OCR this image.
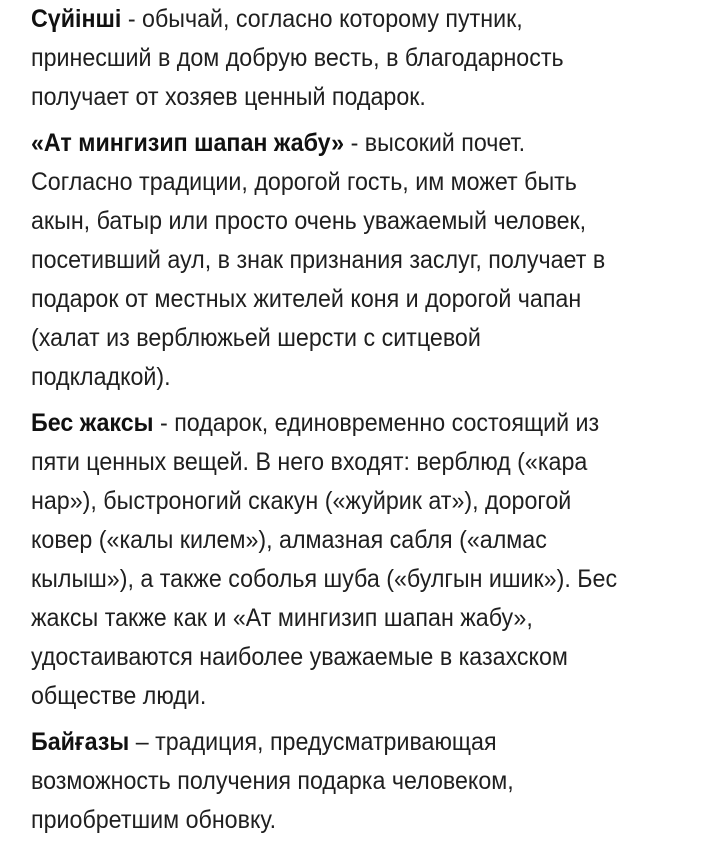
Сүйінші - обычай, согласно которому путник,
принесший в дом добрую весть, в благодарность
получает от хозяев ценный подарок.

«Ат мингизип шапан жабу» - высокий почет.
Согласно традиции, дорогой гость, им может быть
акын, батыр или просто очень уважаемый человек,
посетивший аул, в знак признания заслуг, получает в
подарок от местных жителей коня и дорогой чапан
(халат из верблюжьей шерсти с ситцевой
подкладкой).

Бес жаксы - подарок, единовременно состоящий из
пяти ценных вещей. В него входят: верблюд («кара
нар»), быстроногий скакун («жуйрик ат»), дорогой
ковер («калы килем»), алмазная сабля («алмас
кылыш»), а также соболья шуба («булгын ишик»). Бес
жаксы также как и «Ат мингизип шапан жабу»,
удостаиваются наиболее уважаемые в казахском
обществе люди.

Байғазы – традиция, предусматривающая
возможность получения подарка человеком,
приобретшим обновку.
